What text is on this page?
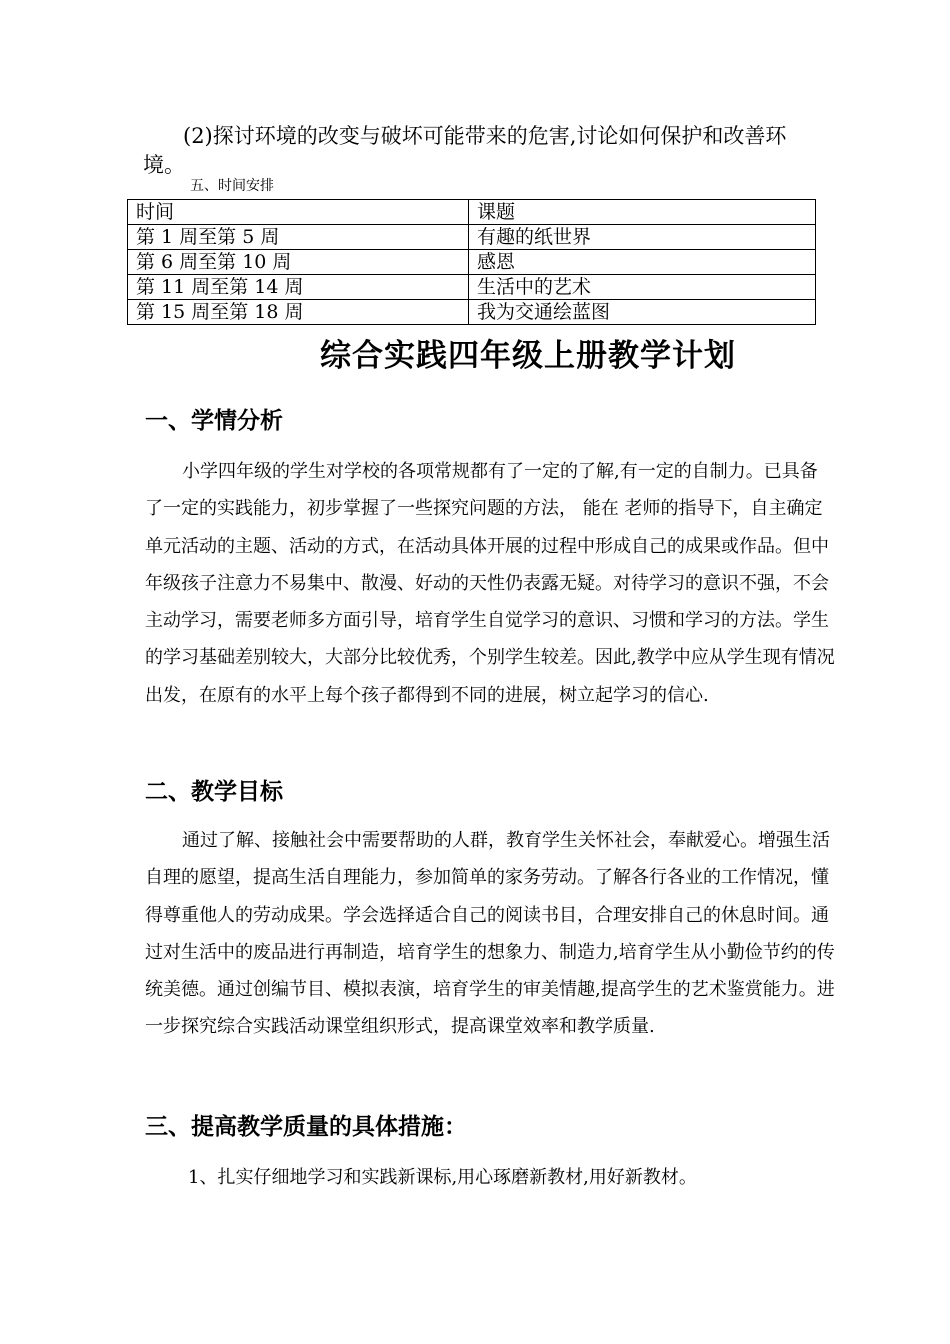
(2)探讨环境的改变与破坏可能带来的危害,讨论如何保护和改善环境。

五、时间安排
时间	课题
第 1 周至第 5 周	有趣的纸世界
第 6 周至第 10 周	感恩
第 11 周至第 14 周	生活中的艺术
第 15 周至第 18 周	我为交通绘蓝图
综合实践四年级上册教学计划
一、学情分析

小学四年级的学生对学校的各项常规都有了一定的了解,有一定的自制力。已具备了一定的实践能力，初步掌握了一些探究问题的方法， 能在 老师的指导下，自主确定单元活动的主题、活动的方式，在活动具体开展的过程中形成自己的成果或作品。但中年级孩子注意力不易集中、散漫、好动的天性仍表露无疑。对待学习的意识不强，不会主动学习，需要老师多方面引导，培育学生自觉学习的意识、习惯和学习的方法。学生的学习基础差别较大，大部分比较优秀，个别学生较差。因此,教学中应从学生现有情况出发，在原有的水平上每个孩子都得到不同的进展，树立起学习的信心.

二、教学目标

通过了解、接触社会中需要帮助的人群，教育学生关怀社会，奉献爱心。增强生活自理的愿望，提高生活自理能力，参加简单的家务劳动。了解各行各业的工作情况，懂得尊重他人的劳动成果。学会选择适合自己的阅读书目，合理安排自己的休息时间。通过对生活中的废品进行再制造，培育学生的想象力、制造力,培育学生从小勤俭节约的传统美德。通过创编节目、模拟表演，培育学生的审美情趣,提高学生的艺术鉴赏能力。进一步探究综合实践活动课堂组织形式，提高课堂效率和教学质量.

三、提高教学质量的具体措施：
1、扎实仔细地学习和实践新课标,用心琢磨新教材,用好新教材。
